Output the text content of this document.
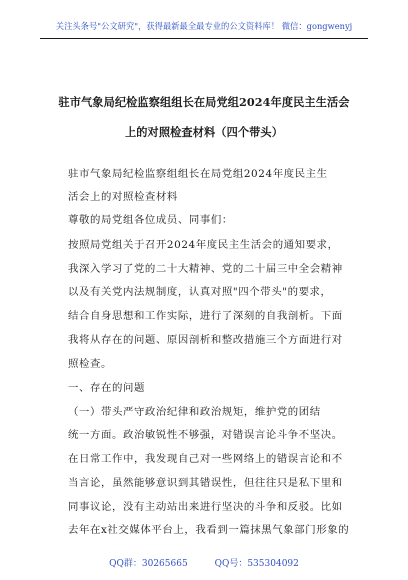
关注头条号"公文研究"，获得最新最全最专业的公文资料库！ 微信：gongwenyj
驻市气象局纪检监察组组长在局党组2024年度民主生活会
上的对照检查材料（四个带头）
驻市气象局纪检监察组组长在局党组2024年度民主生
活会上的对照检查材料
尊敬的局党组各位成员、同事们：
按照局党组关于召开2024年度民主生活会的通知要求，
我深入学习了党的二十大精神、党的二十届三中全会精神
以及有关党内法规制度，认真对照"四个带头"的要求，
结合自身思想和工作实际，进行了深刻的自我剖析。下面
我将从存在的问题、原因剖析和整改措施三个方面进行对
照检查。
一、存在的问题
（一）带头严守政治纪律和政治规矩，维护党的团结
统一方面。政治敏锐性不够强，对错误言论斗争不坚决。
在日常工作中，我发现自己对一些网络上的错误言论和不
当言论，虽然能够意识到其错误性，但往往只是私下里和
同事议论，没有主动站出来进行坚决的斗争和反驳。比如
去年在x社交媒体平台上，我看到一篇抹黑气象部门形象的
QQ群：30265665	QQ号：535304092
